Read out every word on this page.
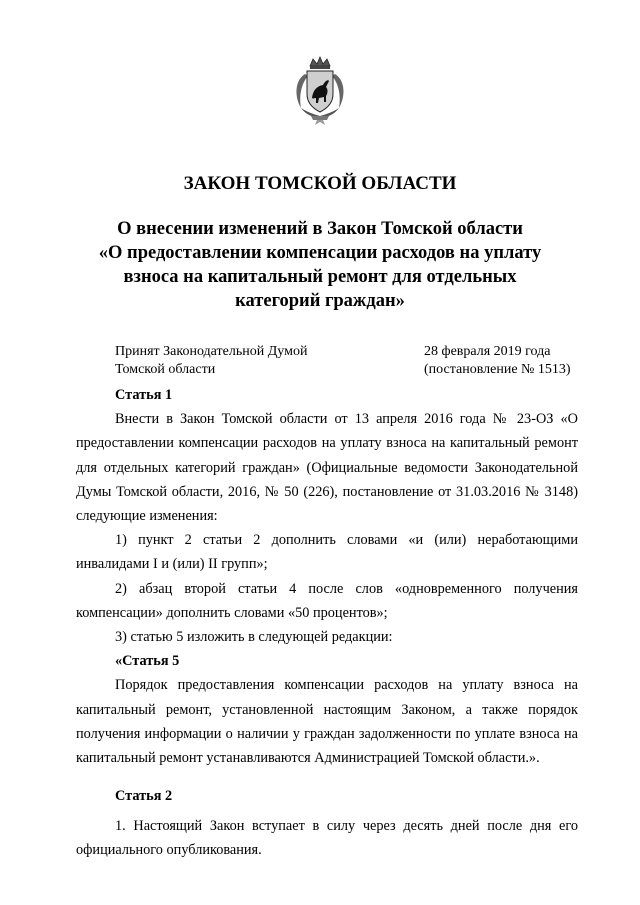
ЗАКОН ТОМСКОЙ ОБЛАСТИ
О внесении изменений в Закон Томской области
«О предоставлении компенсации расходов на уплату
взноса на капитальный ремонт для отдельных
категорий граждан»
Принят Законодательной Думой
Томской области
28 февраля 2019 года
(постановление № 1513)

Статья 1

Внести в Закон Томской области от 13 апреля 2016 года № 23-ОЗ «О предоставлении компенсации расходов на уплату взноса на капитальный ремонт для отдельных категорий граждан» (Официальные ведомости Законодательной Думы Томской области, 2016, № 50 (226), постановление от 31.03.2016 № 3148) следующие изменения:

1) пункт 2 статьи 2 дополнить словами «и (или) неработающими инвалидами I и (или) II групп»;

2) абзац второй статьи 4 после слов «одновременного получения компенсации» дополнить словами «50 процентов»;

3) статью 5 изложить в следующей редакции:

«Статья 5

Порядок предоставления компенсации расходов на уплату взноса на капитальный ремонт, установленной настоящим Законом, а также порядок получения информации о наличии у граждан задолженности по уплате взноса на капитальный ремонт устанавливаются Администрацией Томской области.».

Статья 2

1. Настоящий Закон вступает в силу через десять дней после дня его официального опубликования.
